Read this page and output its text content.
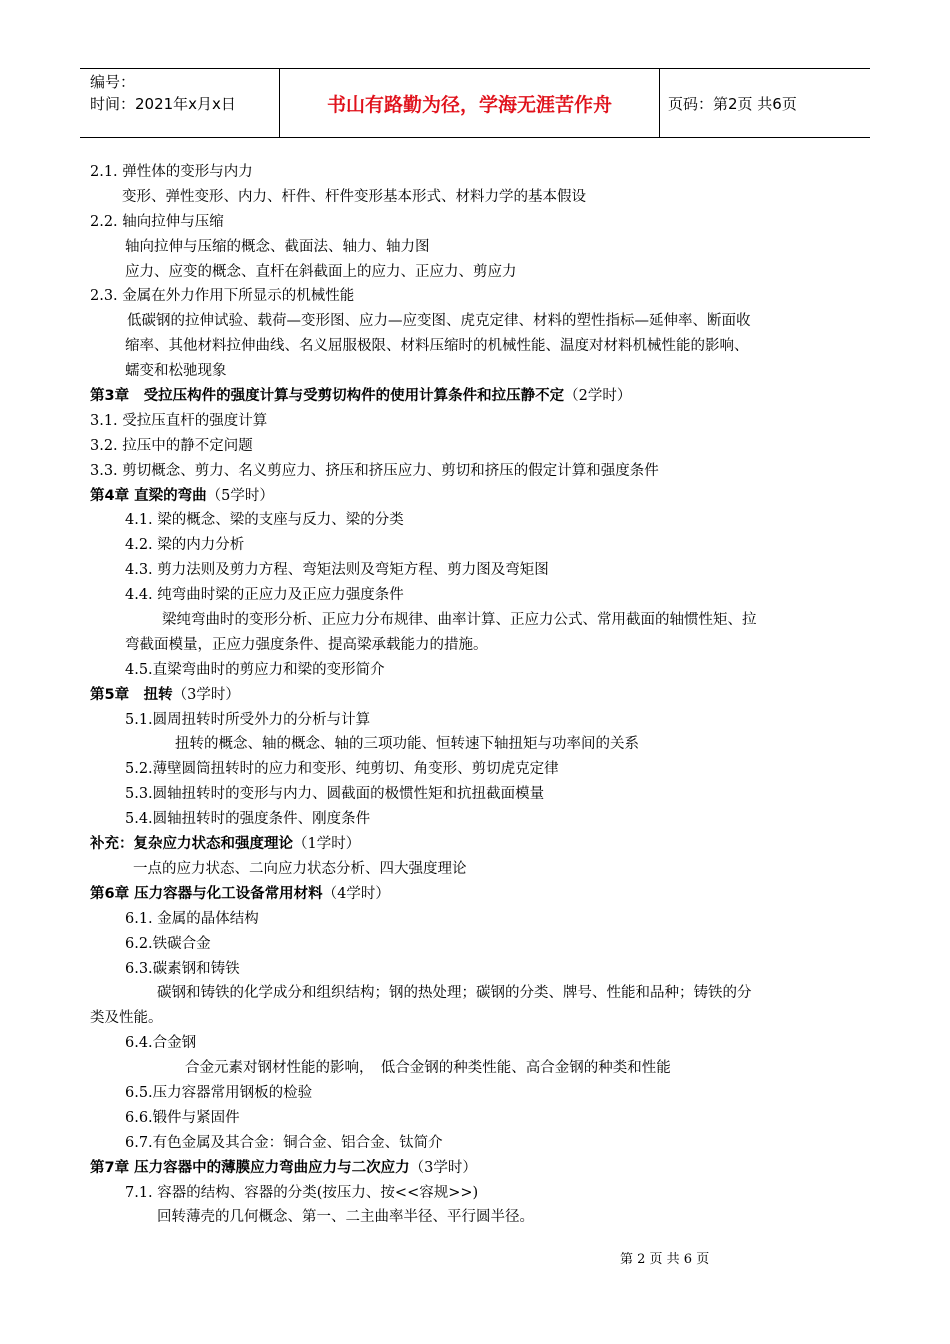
编号：
时间：2021年x月x日	书山有路勤为径，学海无涯苦作舟	页码：第2页 共6页
2.1. 弹性体的变形与内力
变形、弹性变形、内力、杆件、杆件变形基本形式、材料力学的基本假设
2.2. 轴向拉伸与压缩
轴向拉伸与压缩的概念、截面法、轴力、轴力图
应力、应变的概念、直杆在斜截面上的应力、正应力、剪应力
2.3. 金属在外力作用下所显示的机械性能
低碳钢的拉伸试验、载荷—变形图、应力—应变图、虎克定律、材料的塑性指标—延伸率、断面收
缩率、其他材料拉伸曲线、名义屈服极限、材料压缩时的机械性能、温度对材料机械性能的影响、
蠕变和松驰现象
第3章　受拉压构件的强度计算与受剪切构件的使用计算条件和拉压静不定（2学时）
3.1. 受拉压直杆的强度计算
3.2. 拉压中的静不定问题
3.3. 剪切概念、剪力、名义剪应力、挤压和挤压应力、剪切和挤压的假定计算和强度条件
第4章 直梁的弯曲（5学时）
4.1. 梁的概念、梁的支座与反力、梁的分类
4.2. 梁的内力分析
4.3. 剪力法则及剪力方程、弯矩法则及弯矩方程、剪力图及弯矩图
4.4. 纯弯曲时梁的正应力及正应力强度条件
梁纯弯曲时的变形分析、正应力分布规律、曲率计算、正应力公式、常用截面的轴惯性矩、拉
弯截面模量，正应力强度条件、提高梁承载能力的措施。
4.5.直梁弯曲时的剪应力和梁的变形简介
第5章　扭转（3学时）
5.1.圆周扭转时所受外力的分析与计算
扭转的概念、轴的概念、轴的三项功能、恒转速下轴扭矩与功率间的关系
5.2.薄壁圆筒扭转时的应力和变形、纯剪切、角变形、剪切虎克定律
5.3.圆轴扭转时的变形与内力、圆截面的极惯性矩和抗扭截面模量
5.4.圆轴扭转时的强度条件、刚度条件
补充：复杂应力状态和强度理论（1学时）
一点的应力状态、二向应力状态分析、四大强度理论
第6章 压力容器与化工设备常用材料（4学时）
6.1. 金属的晶体结构
6.2.铁碳合金
6.3.碳素钢和铸铁
碳钢和铸铁的化学成分和组织结构；钢的热处理；碳钢的分类、牌号、性能和品种；铸铁的分
类及性能。
6.4.合金钢
合金元素对钢材性能的影响，　低合金钢的种类性能、高合金钢的种类和性能
6.5.压力容器常用钢板的检验
6.6.锻件与紧固件
6.7.有色金属及其合金：铜合金、铝合金、钛简介
第7章 压力容器中的薄膜应力弯曲应力与二次应力（3学时）
7.1. 容器的结构、容器的分类(按压力、按<<容规>>)
回转薄壳的几何概念、第一、二主曲率半径、平行圆半径。
第 2 页 共 6 页
